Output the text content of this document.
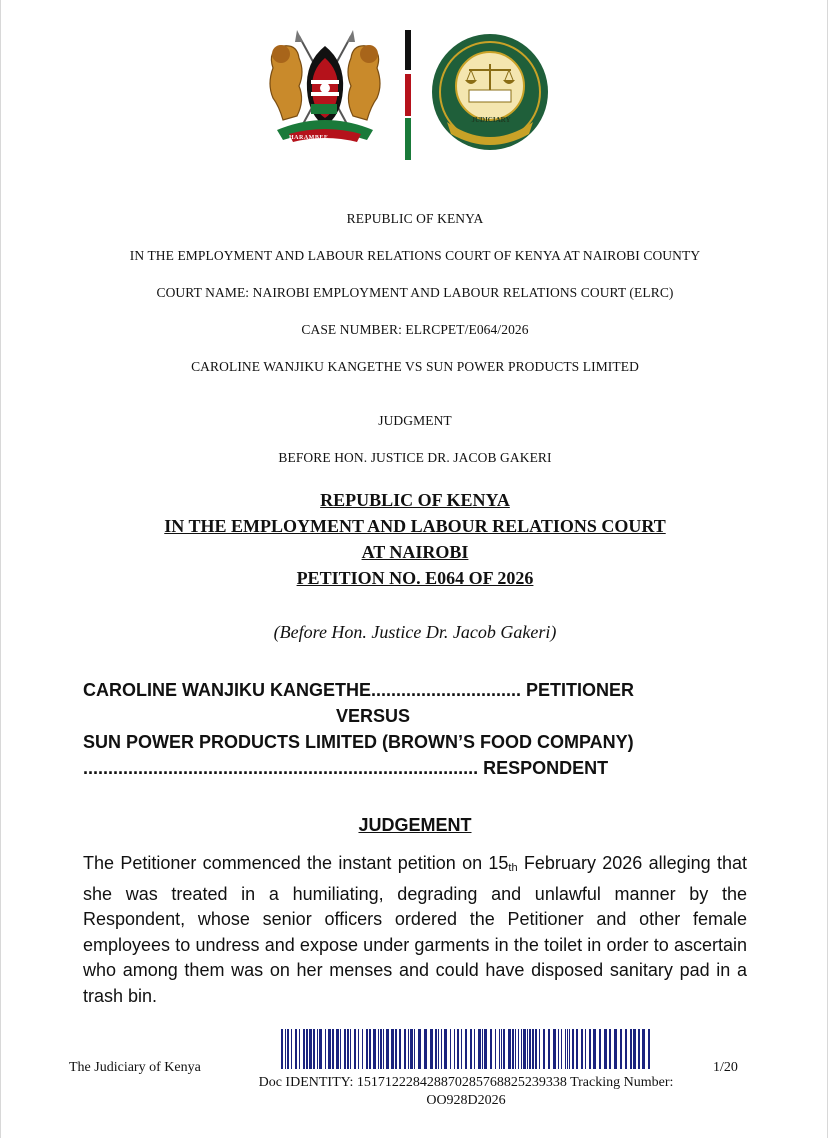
HARAMBEE
JUDICIARY
REPUBLIC OF KENYA
REPUBLIC OF KENYA
IN THE EMPLOYMENT AND LABOUR RELATIONS COURT OF KENYA AT NAIROBI COUNTY
COURT NAME: NAIROBI EMPLOYMENT AND LABOUR RELATIONS COURT (ELRC)
CASE NUMBER: ELRCPET/E064/2026
CAROLINE WANJIKU KANGETHE VS SUN POWER PRODUCTS LIMITED
JUDGMENT
BEFORE HON. JUSTICE DR. JACOB GAKERI
REPUBLIC OF KENYA
IN THE EMPLOYMENT AND LABOUR RELATIONS COURT
AT NAIROBI
PETITION NO. E064 OF 2026
(Before Hon. Justice Dr. Jacob Gakeri)
CAROLINE WANJIKU KANGETHE.............................. PETITIONER
VERSUS
SUN POWER PRODUCTS LIMITED (BROWN’S FOOD COMPANY)
............................................................................... RESPONDENT
JUDGEMENT
The Petitioner commenced the instant petition on $15_{th}$ February 2026 alleging that she was treated in a humiliating, degrading and unlawful manner by the Respondent, whose senior officers ordered the Petitioner and other female employees to undress and expose under garments in the toilet in order to ascertain who among them was on her menses and could have disposed sanitary pad in a trash bin.
The Judiciary of Kenya	1/20
Doc IDENTITY: 151712228428870285768825239338 Tracking Number: OO928D2026
